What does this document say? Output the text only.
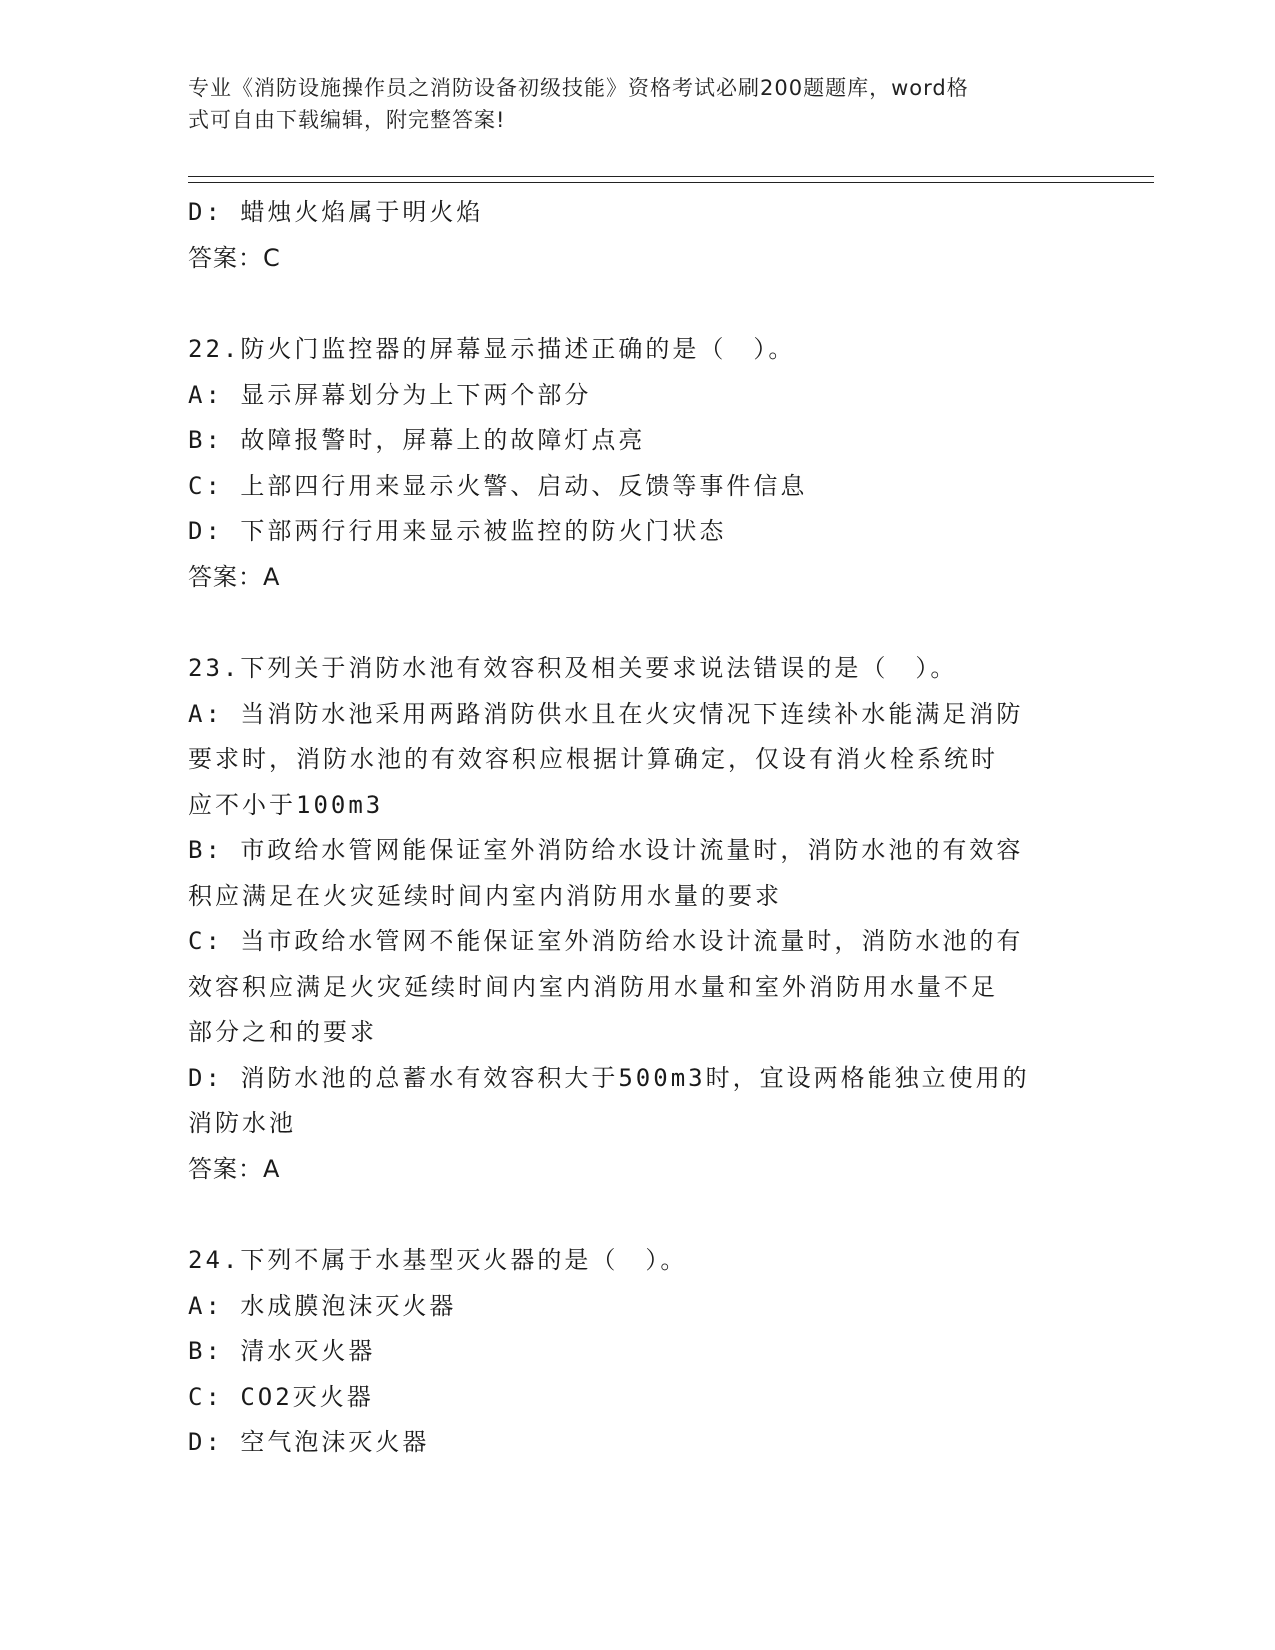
专业《消防设施操作员之消防设备初级技能》资格考试必刷200题题库，word格
式可自由下载编辑，附完整答案!
D: 蜡烛火焰属于明火焰
答案：C
22.防火门监控器的屏幕显示描述正确的是（　）。
A: 显示屏幕划分为上下两个部分
B: 故障报警时，屏幕上的故障灯点亮
C: 上部四行用来显示火警、启动、反馈等事件信息
D: 下部两行行用来显示被监控的防火门状态
答案：A
23.下列关于消防水池有效容积及相关要求说法错误的是（　）。
A: 当消防水池采用两路消防供水且在火灾情况下连续补水能满足消防
要求时，消防水池的有效容积应根据计算确定，仅设有消火栓系统时
应不小于100m3
B: 市政给水管网能保证室外消防给水设计流量时，消防水池的有效容
积应满足在火灾延续时间内室内消防用水量的要求
C: 当市政给水管网不能保证室外消防给水设计流量时，消防水池的有
效容积应满足火灾延续时间内室内消防用水量和室外消防用水量不足
部分之和的要求
D: 消防水池的总蓄水有效容积大于500m3时，宜设两格能独立使用的
消防水池
答案：A
24.下列不属于水基型灭火器的是（　）。
A: 水成膜泡沫灭火器
B: 清水灭火器
C: CO2灭火器
D: 空气泡沫灭火器
